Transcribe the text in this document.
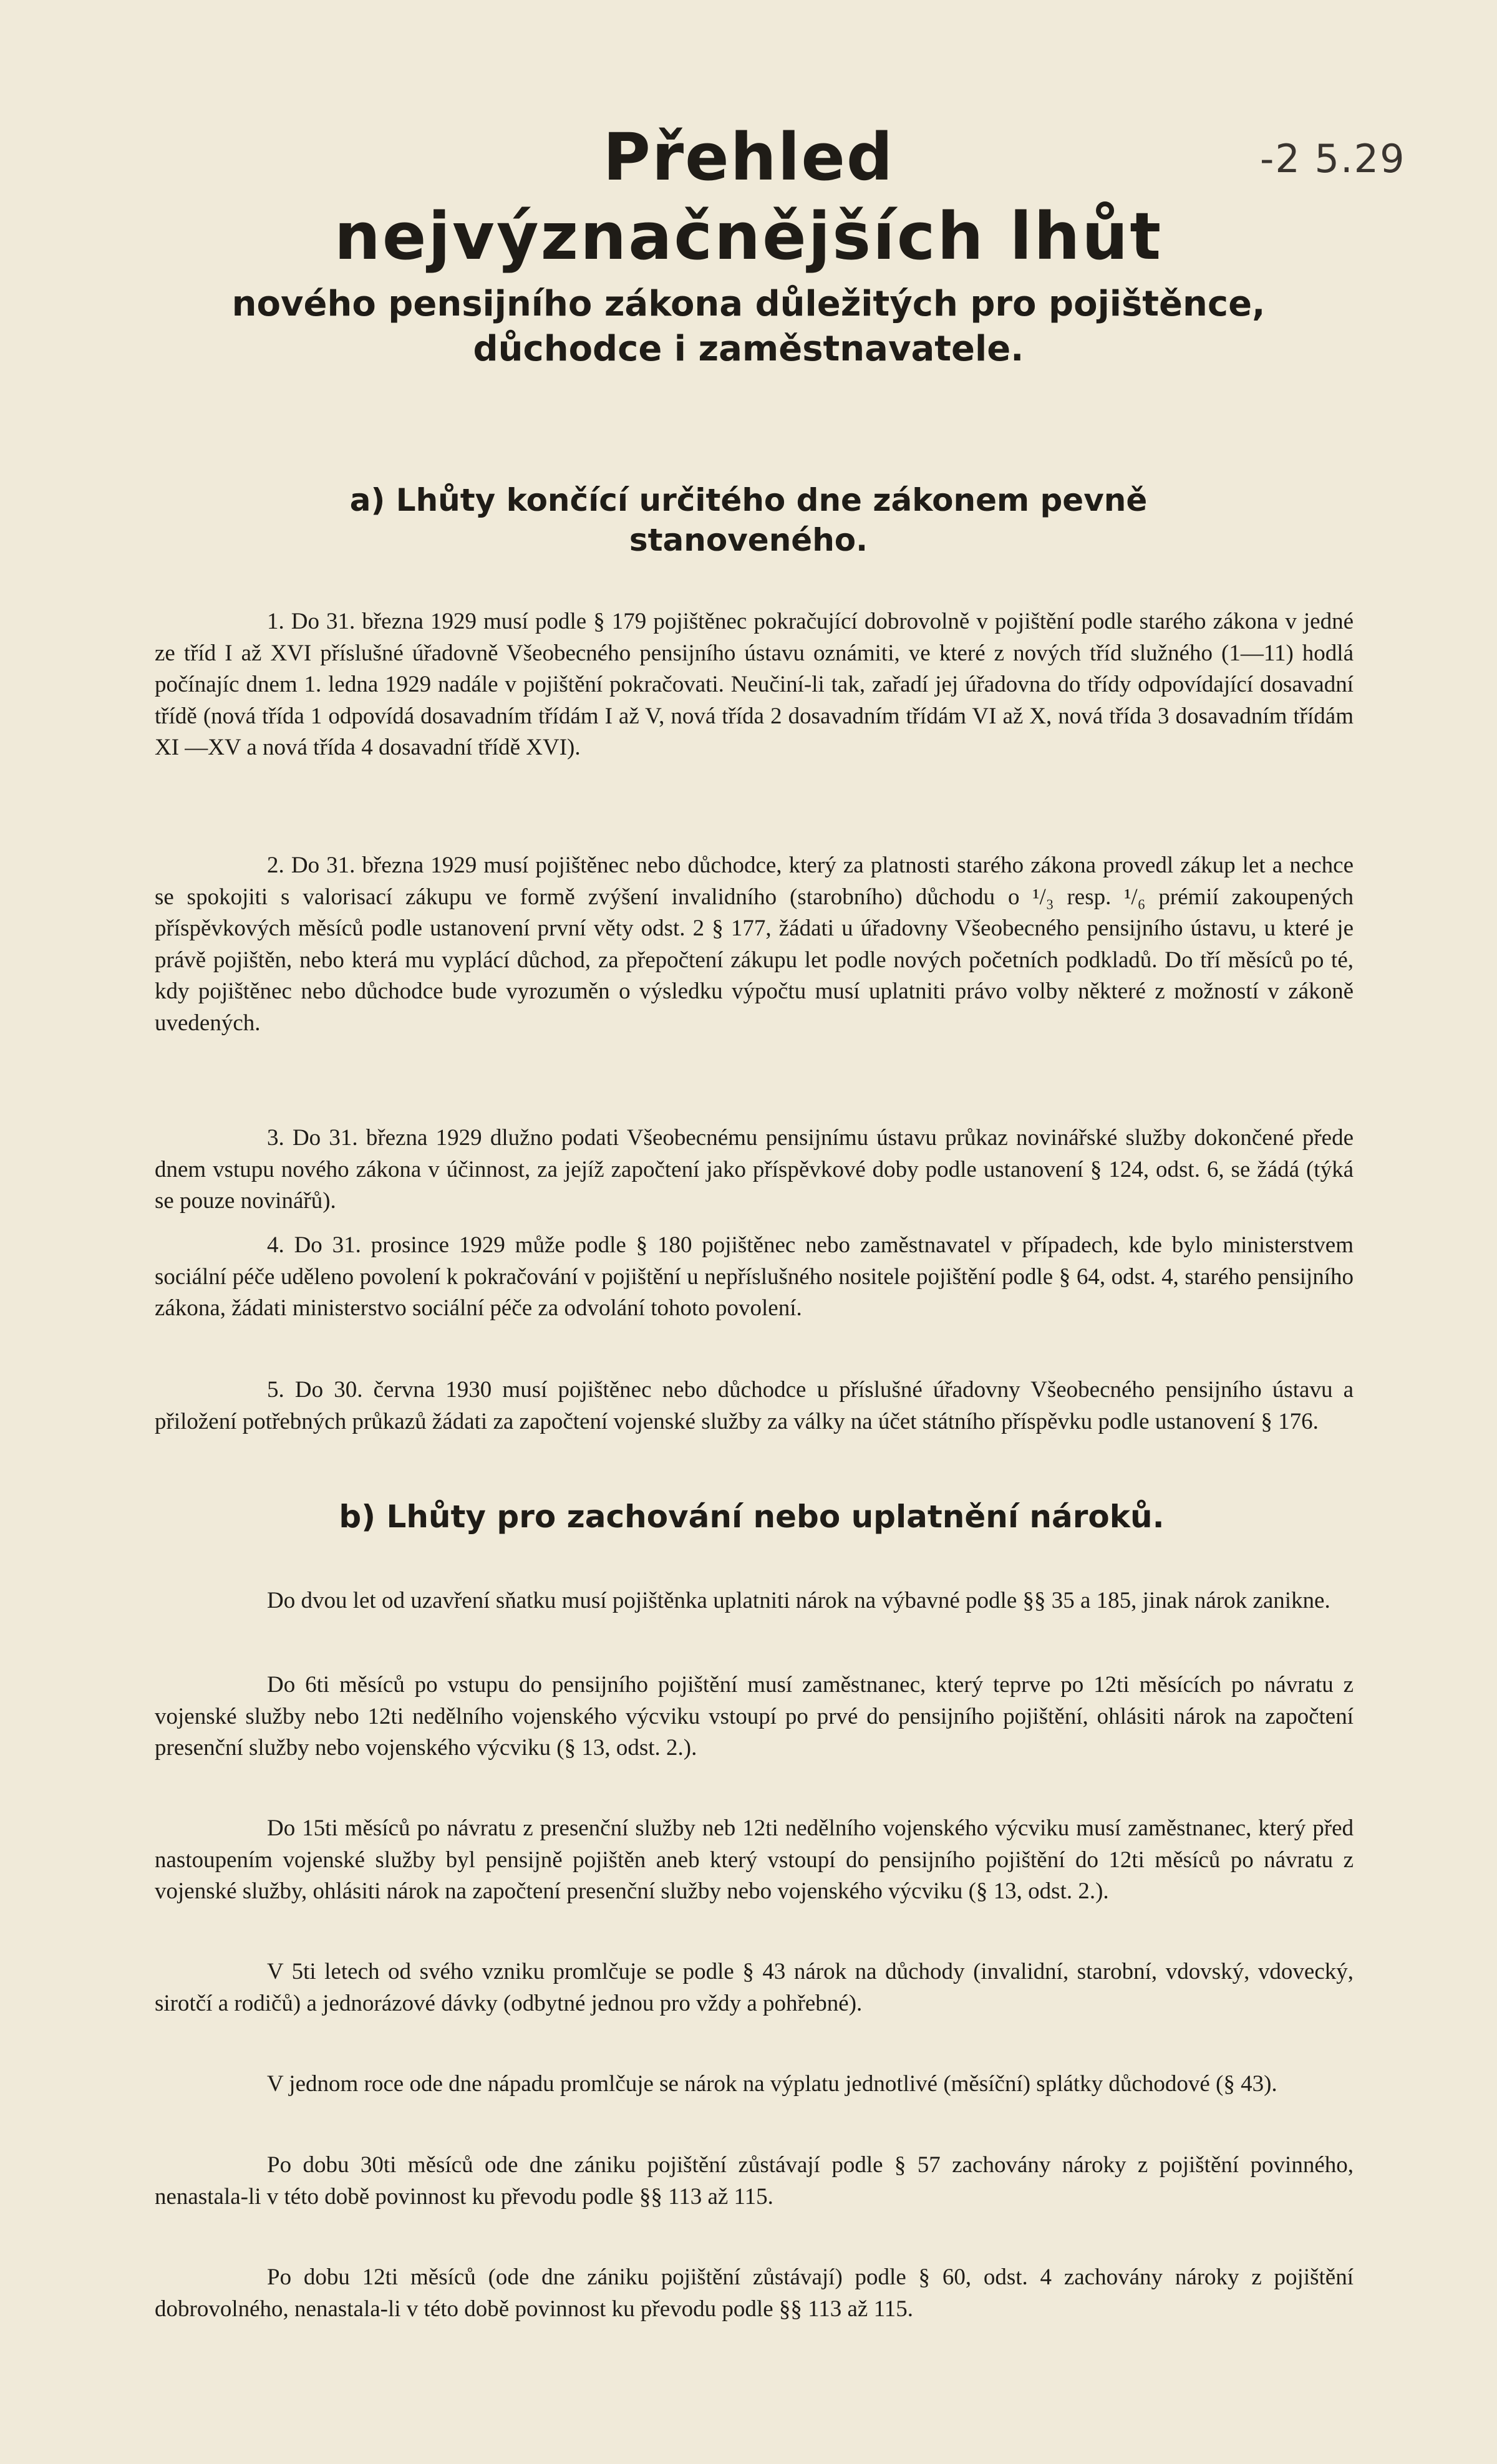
-2 5.29
Přehled
nejvýznačnějších lhůt
nového pensijního zákona důležitých pro pojištěnce, důchodce i zaměstnavatele.
a) Lhůty končící určitého dne zákonem pevně stanoveného.

1. Do 31. března 1929 musí podle § 179 pojištěnec pokračující dobrovolně v pojištění podle starého zákona v jedné ze tříd I až XVI příslušné úřadovně Všeobecného pensijního ústavu oznámiti, ve které z nových tříd služného (1—11) hodlá počínajíc dnem 1. ledna 1929 nadále v pojištění pokračovati. Neučiní-li tak, zařadí jej úřadovna do třídy odpovídající dosavadní třídě (nová třída 1 odpovídá dosavadním třídám I až V, nová třída 2 dosavadním třídám VI až X, nová třída 3 dosavadním třídám XI —XV a nová třída 4 dosavadní třídě XVI).

2. Do 31. března 1929 musí pojištěnec nebo důchodce, který za platnosti starého zákona provedl zákup let a nechce se spokojiti s valorisací zákupu ve formě zvýšení invalidního (starobního) důchodu o ¹/₃ resp. ¹/₆ prémií zakoupených příspěvkových měsíců podle ustanovení první věty odst. 2 § 177, žádati u úřadovny Všeobecného pensijního ústavu, u které je právě pojištěn, nebo která mu vyplácí důchod, za přepočtení zákupu let podle nových početních podkladů. Do tří měsíců po té, kdy pojištěnec nebo důchodce bude vyrozuměn o výsledku výpočtu musí uplatniti právo volby některé z možností v zákoně uvedených.

3. Do 31. března 1929 dlužno podati Všeobecnému pensijnímu ústavu průkaz novinářské služby dokončené přede dnem vstupu nového zákona v účinnost, za jejíž započtení jako příspěvkové doby podle ustanovení § 124, odst. 6, se žádá (týká se pouze novinářů).

4. Do 31. prosince 1929 může podle § 180 pojištěnec nebo zaměstnavatel v případech, kde bylo ministerstvem sociální péče uděleno povolení k pokračování v pojištění u nepříslušného nositele pojištění podle § 64, odst. 4, starého pensijního zákona, žádati ministerstvo sociální péče za odvolání tohoto povolení.

5. Do 30. června 1930 musí pojištěnec nebo důchodce u příslušné úřadovny Všeobecného pensijního ústavu a přiložení potřebných průkazů žádati za započtení vojenské služby za války na účet státního příspěvku podle ustanovení § 176.

b) Lhůty pro zachování nebo uplatnění nároků.

Do dvou let od uzavření sňatku musí pojištěnka uplatniti nárok na výbavné podle §§ 35 a 185, jinak nárok zanikne.

Do 6ti měsíců po vstupu do pensijního pojištění musí zaměstnanec, který teprve po 12ti měsících po návratu z vojenské služby nebo 12ti nedělního vojenského výcviku vstoupí po prvé do pensijního pojištění, ohlásiti nárok na započtení presenční služby nebo vojenského výcviku (§ 13, odst. 2.).

Do 15ti měsíců po návratu z presenční služby neb 12ti nedělního vojenského výcviku musí zaměstnanec, který před nastoupením vojenské služby byl pensijně pojištěn aneb který vstoupí do pensijního pojištění do 12ti měsíců po návratu z vojenské služby, ohlásiti nárok na započtení presenční služby nebo vojenského výcviku (§ 13, odst. 2.).

V 5ti letech od svého vzniku promlčuje se podle § 43 nárok na důchody (invalidní, starobní, vdovský, vdovecký, sirotčí a rodičů) a jednorázové dávky (odbytné jednou pro vždy a pohřebné).

V jednom roce ode dne nápadu promlčuje se nárok na výplatu jednotlivé (měsíční) splátky důchodové (§ 43).

Po dobu 30ti měsíců ode dne zániku pojištění zůstávají podle § 57 zachovány nároky z pojištění povinného, nenastala-li v této době povinnost ku převodu podle §§ 113 až 115.

Po dobu 12ti měsíců (ode dne zániku pojištění zůstávají) podle § 60, odst. 4 zachovány nároky z pojištění dobrovolného, nenastala-li v této době povinnost ku převodu podle §§ 113 až 115.
